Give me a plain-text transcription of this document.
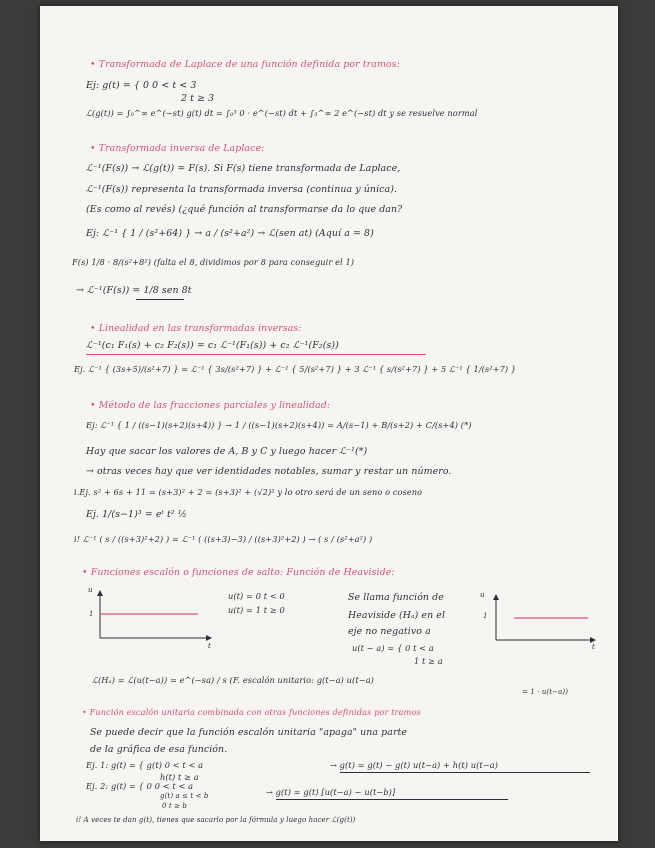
• Transformada de Laplace de una función definida por tramos:
Ej: g(t) = { 0 0 < t < 3
2 t ≥ 3
ℒ(g(t)) = ∫₀^∞ e^(−st) g(t) dt = ∫₀³ 0 · e^(−st) dt + ∫₃^∞ 2 e^(−st) dt y se resuelve normal
• Transformada inversa de Laplace:
ℒ⁻¹(F(s)) → ℒ(g(t)) = F(s). Si F(s) tiene transformada de Laplace,
ℒ⁻¹(F(s)) representa la transformada inversa (continua y única).
(Es como al revés) (¿qué función al transformarse da lo que dan?
Ej: ℒ⁻¹ { 1 / (s²+64) } → a / (s²+a²) → ℒ(sen at) (Aquí a = 8)
F(s) 1/8 · 8/(s²+8²) (falta el 8, dividimos por 8 para conseguir el 1)
→ ℒ⁻¹(F(s)) = 1/8 sen 8t
• Linealidad en las transformadas inversas:
ℒ⁻¹(c₁ F₁(s) + c₂ F₂(s)) = c₁ ℒ⁻¹(F₁(s)) + c₂ ℒ⁻¹(F₂(s))
Ej. ℒ⁻¹ { (3s+5)/(s²+7) } = ℒ⁻¹ { 3s/(s²+7) } + ℒ⁻¹ { 5/(s²+7) } + 3 ℒ⁻¹ { s/(s²+7) } + 5 ℒ⁻¹ { 1/(s²+7) }
• Método de las fracciones parciales y linealidad:
Ej: ℒ⁻¹ { 1 / ((s−1)(s+2)(s+4)) } → 1 / ((s−1)(s+2)(s+4)) = A/(s−1) + B/(s+2) + C/(s+4) (*)
Hay que sacar los valores de A, B y C y luego hacer ℒ⁻¹(*)
→ otras veces hay que ver identidades notables, sumar y restar un número.
i.Ej. s² + 6s + 11 = (s+3)² + 2 = (s+3)² + (√2)² y lo otro será de un seno o coseno
Ej. 1/(s−1)³ = eᵗ t² ½
i! ℒ⁻¹ ( s / ((s+3)²+2) ) = ℒ⁻¹ ( ((s+3)−3) / ((s+3)²+2) ) → ( s / (s²+a²) )
• Funciones escalón o funciones de salto: Función de Heaviside:
u
1
t
u(t) = 0 t < 0
u(t) = 1 t ≥ 0
Se llama función de
Heaviside (Hₐ) en el
eje no negativo a
u(t − a) = { 0 t < a
1 t ≥ a
u
1
t
ℒ(Hₐ) = ℒ(u(t−a)) = e^(−sa) / s (F. escalón unitario: g(t−a) u(t−a)
= 1 · u(t−a))
• Función escalón unitaria combinada con otras funciones definidas por tramos
Se puede decir que la función escalón unitaria "apaga" una parte
de la gráfica de esa función.
Ej. 1: g(t) = { g(t) 0 < t < a
h(t) t ≥ a
→ g(t) = g(t) − g(t) u(t−a) + h(t) u(t−a)
Ej. 2: g(t) = { 0 0 < t < a
g(t) a ≤ t < b
0 t ≥ b
→ g(t) = g(t) [u(t−a) − u(t−b)]
i! A veces te dan g(t), tienes que sacarlo por la fórmula y luego hacer ℒ(g(t))
